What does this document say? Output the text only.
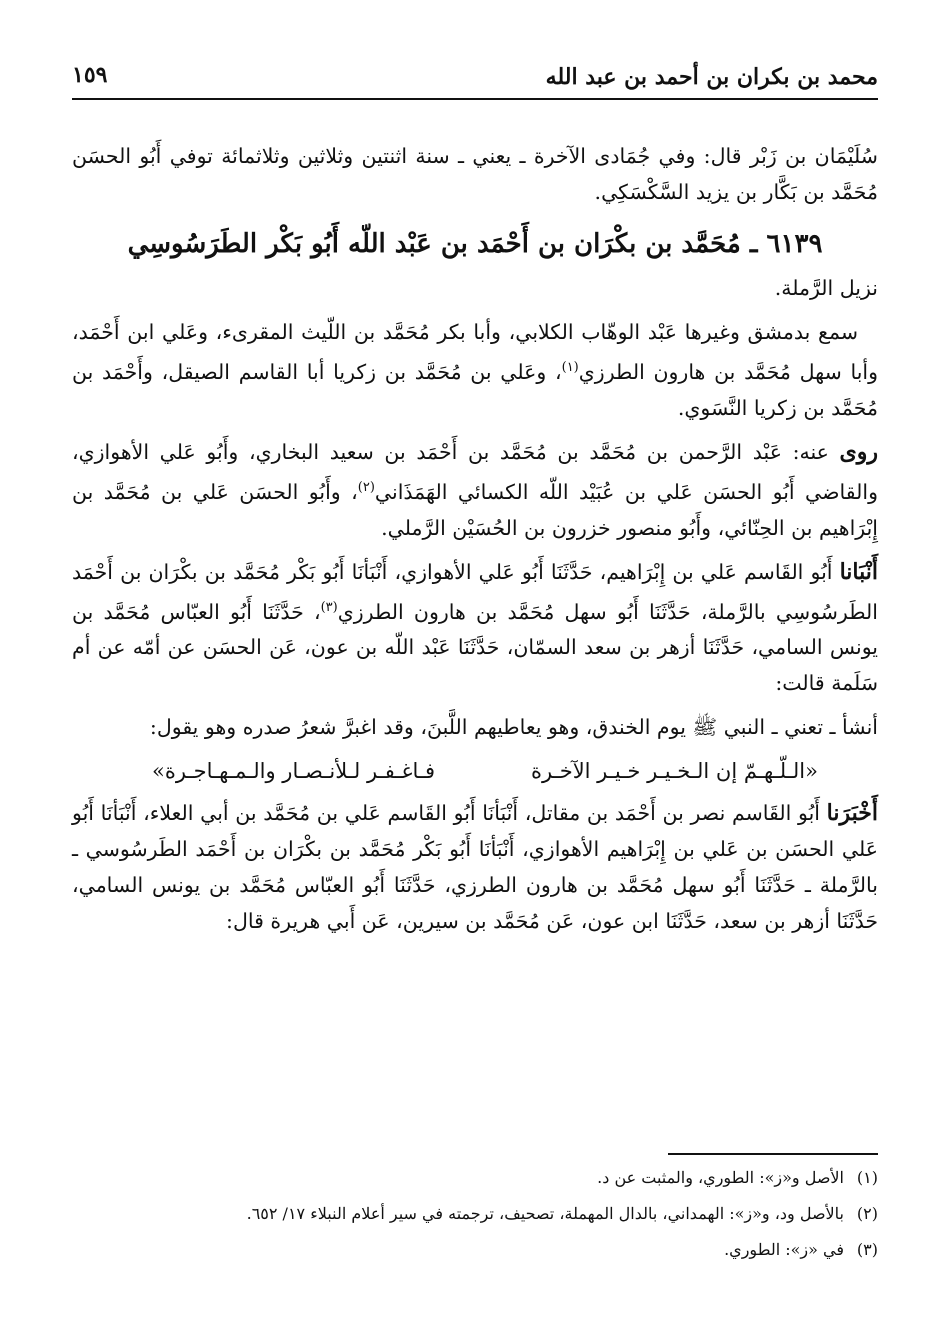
محمد بن بكران بن أحمد بن عبد الله
١٥٩

سُلَيْمَان بن زَبْر قال: وفي جُمَادى الآخرة ـ يعني ـ سنة اثنتين وثلاثين وثلاثمائة توفي أَبُو الحسَن مُحَمَّد بن بَكَّار بن يزيد السَّكْسَكِي.

٦١٣٩ ـ مُحَمَّد بن بكْرَان بن أَحْمَد بن عَبْد اللّه أَبُو بَكْر الطَرَسُوسِي

نزيل الرَّملة.

سمع بدمشق وغيرها عَبْد الوهّاب الكلابي، وأبا بكر مُحَمَّد بن اللّيث المقرىء، وعَلي ابن أَحْمَد، وأبا سهل مُحَمَّد بن هارون الطرزي$^{(١)}$، وعَلي بن مُحَمَّد بن زكريا أبا القاسم الصيقل، وأَحْمَد بن مُحَمَّد بن زكريا النَّسَوي.

روى عنه: عَبْد الرَّحمن بن مُحَمَّد بن مُحَمَّد بن أَحْمَد بن سعيد البخاري، وأَبُو عَلي الأهوازي، والقاضي أَبُو الحسَن عَلي بن عُبَيْد اللّه الكسائي الهَمَذَاني$^{(٢)}$، وأَبُو الحسَن عَلي بن مُحَمَّد بن إِبْرَاهيم بن الحِنّائي، وأَبُو منصور خزرون بن الحُسَيْن الرَّملي.

أَنْبَانا أَبُو القَاسم عَلي بن إِبْرَاهيم، حَدَّثَنَا أَبُو عَلي الأهوازي، أَنْبَأنَا أَبُو بَكْر مُحَمَّد بن بكْرَان بن أَحْمَد الطَرسُوسِي بالرَّملة، حَدَّثَنَا أَبُو سهل مُحَمَّد بن هارون الطرزي$^{(٣)}$، حَدَّثَنَا أَبُو العبّاس مُحَمَّد بن يونس السامي، حَدَّثَنَا أزهر بن سعد السمّان، حَدَّثَنَا عَبْد اللّه بن عون، عَن الحسَن عن أمّه عن أم سَلَمة قالت:

أنشأ ـ تعني ـ النبي ﷺ يوم الخندق، وهو يعاطيهم اللَّبنَ، وقد اغبرَّ شعرُ صدره وهو يقول:

«الـلّـهـمّ إن الـخـيـر خـيـر الآخـرة
فـاغـفـر لـلأنـصـار والـمـهـاجـرة»

أَخْبَرَنا أَبُو القَاسم نصر بن أَحْمَد بن مقاتل، أَنْبَأنَا أَبُو القَاسم عَلي بن مُحَمَّد بن أبي العلاء، أَنْبَأنَا أَبُو عَلي الحسَن بن عَلي بن إِبْرَاهيم الأهوازي، أَنْبَأنَا أَبُو بَكْر مُحَمَّد بن بكْرَان بن أَحْمَد الطَرسُوسي ـ بالرَّملة ـ حَدَّثَنَا أَبُو سهل مُحَمَّد بن هارون الطرزي، حَدَّثَنَا أَبُو العبّاس مُحَمَّد بن يونس السامي، حَدَّثَنَا أزهر بن سعد، حَدَّثَنَا ابن عون، عَن مُحَمَّد بن سيرين، عَن أَبي هريرة قال:

(١)الأصل و«ز»: الطوري، والمثبت عن د.
(٢)بالأصل ود، و«ز»: الهمداني، بالدال المهملة، تصحيف، ترجمته في سير أعلام النبلاء ١٧/ ٦٥٢.
(٣)في «ز»: الطوري.
